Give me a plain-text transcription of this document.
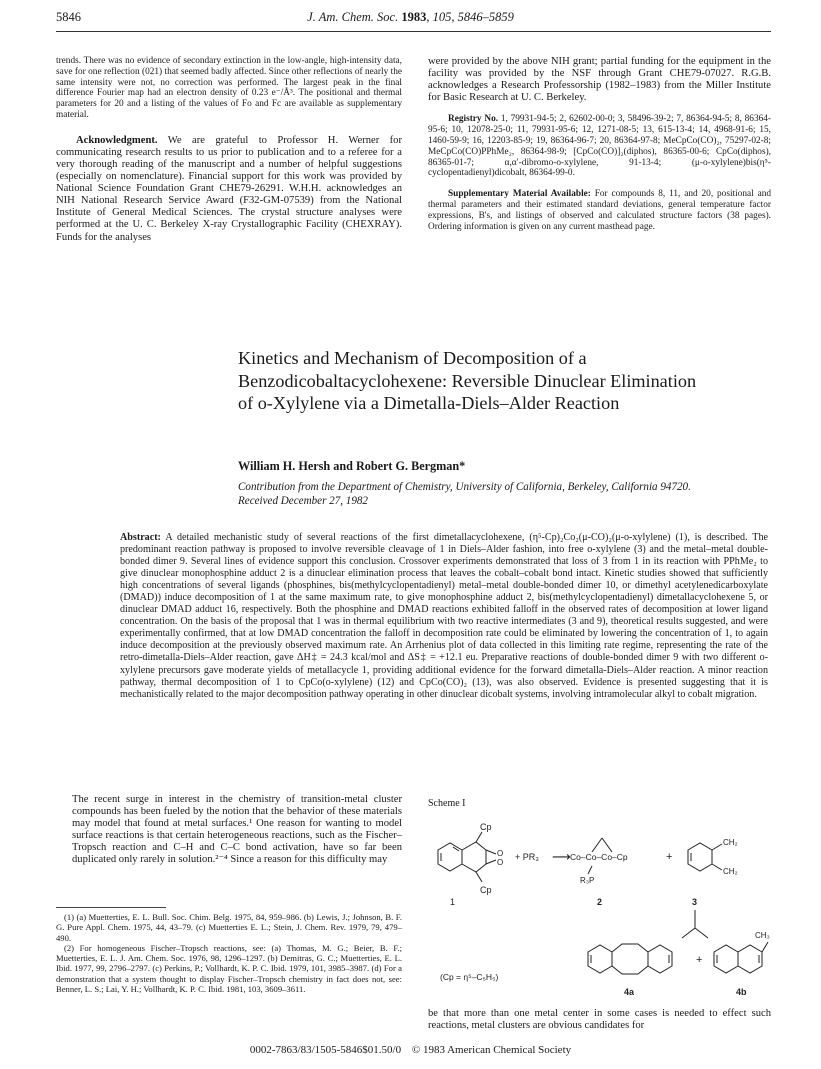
5846	J. Am. Chem. Soc. 1983, 105, 5846–5859

trends. There was no evidence of secondary extinction in the low-angle, high-intensity data, save for one reflection (021) that seemed badly affected. Since other reflections of nearly the same intensity were not, no correction was performed. The largest peak in the final difference Fourier map had an electron density of 0.23 e⁻/Å³. The positional and thermal parameters for 20 and a listing of the values of Fo and Fc are available as supplementary material.

Acknowledgment. We are grateful to Professor H. Werner for communicating research results to us prior to publication and to a referee for a very thorough reading of the manuscript and a number of helpful suggestions (especially on nomenclature). Financial support for this work was provided by National Science Foundation Grant CHE79-26291. W.H.H. acknowledges an NIH National Research Service Award (F32-GM-07539) from the National Institute of General Medical Sciences. The crystal structure analyses were performed at the U. C. Berkeley X-ray Crystallographic Facility (CHEXRAY). Funds for the analyses

were provided by the above NIH grant; partial funding for the equipment in the facility was provided by the NSF through Grant CHE79-07027. R.G.B. acknowledges a Research Professorship (1982–1983) from the Miller Institute for Basic Research at U. C. Berkeley.

Registry No. 1, 79931-94-5; 2, 62602-00-0; 3, 58496-39-2; 7, 86364-94-5; 8, 86364-95-6; 10, 12078-25-0; 11, 79931-95-6; 12, 1271-08-5; 13, 615-13-4; 14, 4968-91-6; 15, 1460-59-9; 16, 12203-85-9; 19, 86364-96-7; 20, 86364-97-8; MeCpCo(CO)₂, 75297-02-8; MeCpCo(CO)PPhMe₂, 86364-98-9; [CpCo(CO)]₂(diphos), 86365-00-6; CpCo(diphos), 86365-01-7; α,α′-dibromo-o-xylylene, 91-13-4; (μ-o-xylylene)bis(η⁵-cyclopentadienyl)dicobalt, 86364-99-0.

Supplementary Material Available: For compounds 8, 11, and 20, positional and thermal parameters and their estimated standard deviations, general temperature factor expressions, B's, and listings of observed and calculated structure factors (38 pages). Ordering information is given on any current masthead page.

Kinetics and Mechanism of Decomposition of a Benzodicobaltacyclohexene: Reversible Dinuclear Elimination of o-Xylylene via a Dimetalla-Diels–Alder Reaction
William H. Hersh and Robert G. Bergman*
Contribution from the Department of Chemistry, University of California, Berkeley, California 94720. Received December 27, 1982
Abstract: A detailed mechanistic study of several reactions of the first dimetallacyclohexene, (η⁵-Cp)₂Co₂(μ-CO)₂(μ-o-xylylene) (1), is described. The predominant reaction pathway is proposed to involve reversible cleavage of 1 in Diels–Alder fashion, into free o-xylylene (3) and the metal–metal double-bonded dimer 9. Several lines of evidence support this conclusion. Crossover experiments demonstrated that loss of 3 from 1 in its reaction with PPhMe₂ to give dinuclear monophosphine adduct 2 is a dinuclear elimination process that leaves the cobalt–cobalt bond intact. Kinetic studies showed that sufficiently high concentrations of several ligands (phosphines, bis(methylcyclopentadienyl) metal–metal double-bonded dimer 10, or dimethyl acetylenedicarboxylate (DMAD)) induce decomposition of 1 at the same maximum rate, to give monophosphine adduct 2, bis(methylcyclopentadienyl) dimetallacyclohexene 5, or dinuclear DMAD adduct 16, respectively. Both the phosphine and DMAD reactions exhibited falloff in the observed rates of decomposition at lower ligand concentration. On the basis of the proposal that 1 was in thermal equilibrium with two reactive intermediates (3 and 9), theoretical results suggested, and were experimentally confirmed, that at low DMAD concentration the falloff in decomposition rate could be eliminated by lowering the concentration of 1, to again induce decomposition at the previously observed maximum rate. An Arrhenius plot of data collected in this limiting rate regime, representing the rate of the retro-dimetalla-Diels–Alder reaction, gave ΔH‡ = 24.3 kcal/mol and ΔS‡ = +12.1 eu. Preparative reactions of double-bonded dimer 9 with two different o-xylylene precursors gave moderate yields of metallacycle 1, providing additional evidence for the forward dimetalla-Diels–Alder reaction. A minor reaction pathway, thermal decomposition of 1 to CpCo(o-xylylene) (12) and CpCo(CO)₂ (13), was also observed. Evidence is presented suggesting that it is mechanistically related to the major decomposition pathway operating in other dinuclear dicobalt systems, involving intramolecular alkyl to cobalt migration.
The recent surge in interest in the chemistry of transition-metal cluster compounds has been fueled by the notion that the behavior of these materials may model that found at metal surfaces.¹ One reason for wanting to model surface reactions is that certain heterogeneous reactions, such as the Fischer–Tropsch reaction and C–H and C–C bond activation, have so far been duplicated only rarely in solution.²⁻⁴ Since a reason for this difficulty may

(1) (a) Muetterties, E. L. Bull. Soc. Chim. Belg. 1975, 84, 959–986. (b) Lewis, J.; Johnson, B. F. G. Pure Appl. Chem. 1975, 44, 43–79. (c) Muetterties E. L.; Stein, J. Chem. Rev. 1979, 79, 479–490.

(2) For homogeneous Fischer–Tropsch reactions, see: (a) Thomas, M. G.; Beier, B. F.; Muetterties, E. L. J. Am. Chem. Soc. 1976, 98, 1296–1297. (b) Demitras, G. C.; Muetterties, E. L. Ibid. 1977, 99, 2796–2797. (c) Perkins, P.; Vollhardt, K. P. C. Ibid. 1979, 101, 3985–3987. (d) For a demonstration that a system thought to display Fischer–Tropsch chemistry in fact does not, see: Benner, L. S.; Lai, Y. H.; Vollhardt, K. P. C. Ibid. 1981, 103, 3609–3611.

Scheme I
Cp
Cp
O
O
+ PR₃ ⟶ Co–Co–Co–Cp
R₃P
+
CH₂
CH₂
1	2	3
(Cp = η⁵–C₅H₅)
+
CH₃
4a	4b
be that more than one metal center in some cases is needed to effect such reactions, metal clusters are obvious candidates for
0002-7863/83/1505-5846$01.50/0 © 1983 American Chemical Society
